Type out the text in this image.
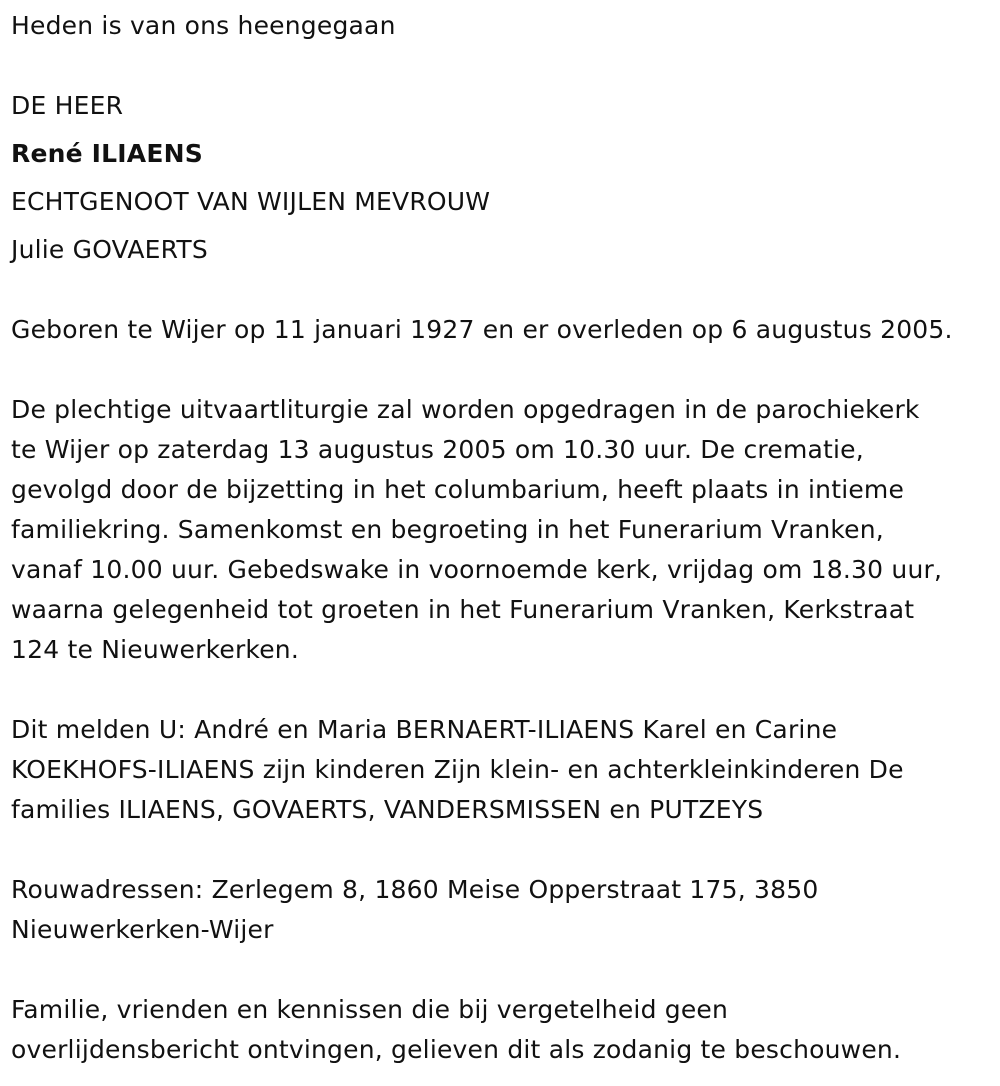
Heden is van ons heengegaan
DE HEER
René ILIAENS
ECHTGENOOT VAN WIJLEN MEVROUW
Julie GOVAERTS
Geboren te Wijer op 11 januari 1927 en er overleden op 6 augustus 2005.
De plechtige uitvaartliturgie zal worden opgedragen in de parochiekerk
te Wijer op zaterdag 13 augustus 2005 om 10.30 uur. De crematie,
gevolgd door de bijzetting in het columbarium, heeft plaats in intieme
familiekring. Samenkomst en begroeting in het Funerarium Vranken,
vanaf 10.00 uur. Gebedswake in voornoemde kerk, vrijdag om 18.30 uur,
waarna gelegenheid tot groeten in het Funerarium Vranken, Kerkstraat
124 te Nieuwerkerken.
Dit melden U: André en Maria BERNAERT-ILIAENS Karel en Carine
KOEKHOFS-ILIAENS zijn kinderen Zijn klein- en achterkleinkinderen De
families ILIAENS, GOVAERTS, VANDERSMISSEN en PUTZEYS
Rouwadressen: Zerlegem 8, 1860 Meise Opperstraat 175, 3850
Nieuwerkerken-Wijer
Familie, vrienden en kennissen die bij vergetelheid geen
overlijdensbericht ontvingen, gelieven dit als zodanig te beschouwen.
